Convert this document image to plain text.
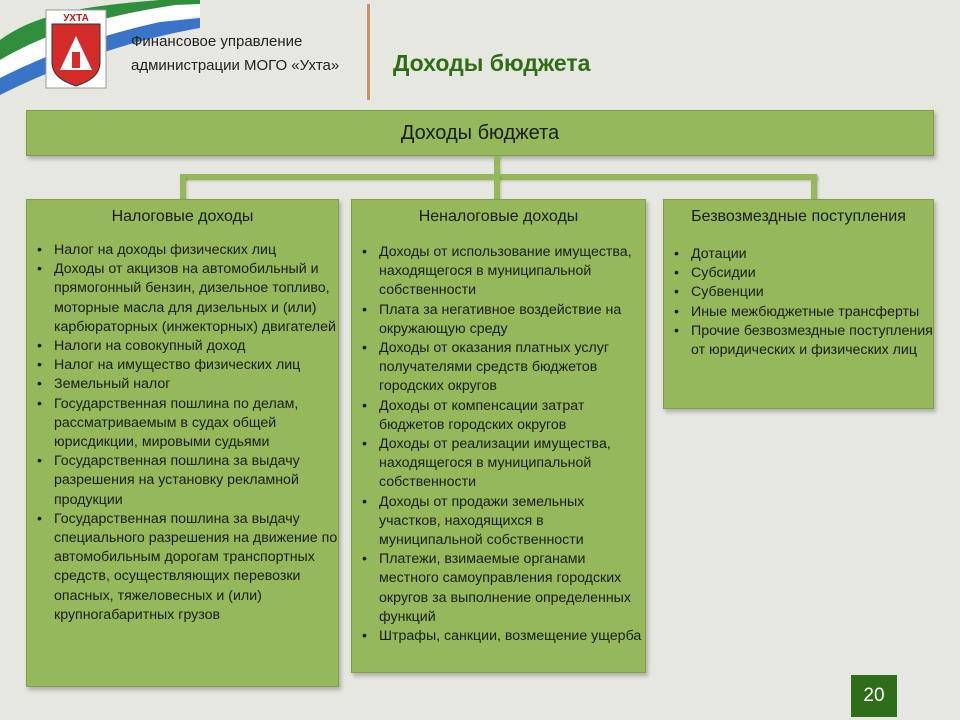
УХТА
Финансовое управление
администрации МОГО «Ухта» Доходы бюджета
Доходы бюджета
Налоговые доходы
• Налог на доходы физических лиц
• Доходы от акцизов на автомобильный и прямогонный бензин, дизельное топливо, моторные масла для дизельных и (или) карбюраторных (инжекторных) двигателей
• Налоги на совокупный доход
• Налог на имущество физических лиц
• Земельный налог
• Государственная пошлина по делам, рассматриваемым в судах общей юрисдикции, мировыми судьями
• Государственная пошлина за выдачу разрешения на установку рекламной продукции
• Государственная пошлина за выдачу специального разрешения на движение по автомобильным дорогам транспортных средств, осуществляющих перевозки опасных, тяжеловесных и (или) крупногабаритных грузов
Неналоговые доходы
• Доходы от использование имущества, находящегося в муниципальной собственности
• Плата за негативное воздействие на окружающую среду
• Доходы от оказания платных услуг получателями средств бюджетов городских округов
• Доходы от компенсации затрат бюджетов городских округов
• Доходы от реализации имущества, находящегося в муниципальной собственности
• Доходы от продажи земельных участков, находящихся в муниципальной собственности
• Платежи, взимаемые органами местного самоуправления городских округов за выполнение определенных функций
• Штрафы, санкции, возмещение ущерба
Безвозмездные поступления
• Дотации
• Субсидии
• Субвенции
• Иные межбюджетные трансферты
• Прочие безвозмездные поступления от юридических и физических лиц
20
